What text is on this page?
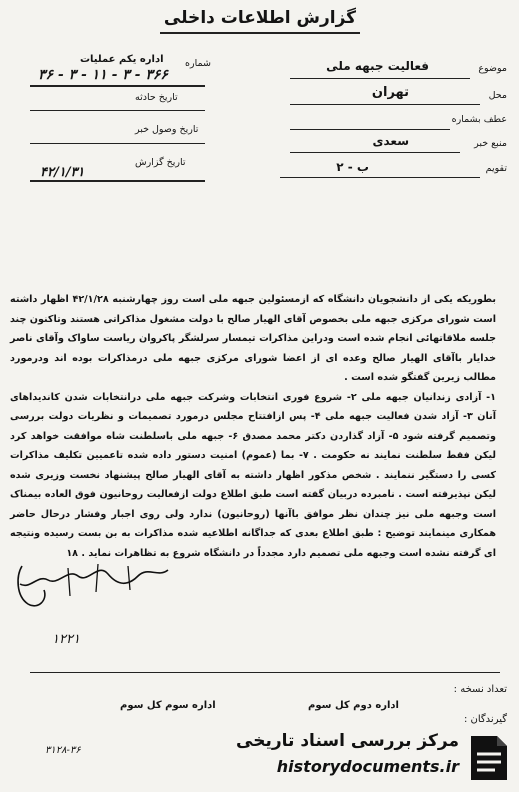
گزارش اطلاعات داخلی
شماره
اداره یکم عملیات
۳۶ - ۳ - ۱۱ - ۳ - ۳۶۶
تاریخ حادثه
تاریخ وصول خبر
تاریخ گزارش
۴۲/۱/۳۱
موضوع
فعالیت جبهه ملی
محل
تهران
عطف بشماره
منبع خبر
سعدی
تقویم
ب - ۲

بطوریکه یکی از دانشجویان دانشگاه که ازمسئولین جبهه ملی است روز چهارشنبه ۴۲/۱/۲۸ اظهار داشته است شورای مرکزی جبهه ملی بخصوص آقای الهیار صالح با دولت مشغول مذاکراتی هستند وتاکنون چند جلسه ملاقاتهائی انجام شده است ودراین مذاکرات تیمسار سرلشگر پاکروان ریاست ساواک وآقای ناصر خدایار باآقای الهیار صالح وعده ای از اعضا شورای مرکزی جبهه ملی درمذاکرات بوده اند ودرمورد مطالب زیرین گفتگو شده است .

۱- آزادی زندانیان جبهه ملی ۲- شروع فوری انتخابات وشرکت جبهه ملی درانتخابات شدن کاندیداهای آنان ۳- آزاد شدن فعالیت جبهه ملی ۴- پس ازافتتاح مجلس درمورد تصمیمات و نظریات دولت بررسی وتصمیم گرفته شود ۵- آزاد گذاردن دکتر محمد مصدق ۶- جبهه ملی باسلطنت شاه موافقت خواهد کرد لیکن فقط سلطنت نمایند نه حکومت . ۷- بما (عموم) امنیت دستور داده شده تاعمیین تکلیف مذاکرات کسی را دستگیر ننمایند . شخص مذکور اظهار داشته به آقای الهیار صالح پیشنهاد نخست وزیری شده لیکن نپذیرفته است . نامبرده دربیان گفته است طبق اطلاع دولت ازفعالیت روحانیون فوق العاده بیمناک است وجبهه ملی نیز چندان نظر موافق باآنها (روحانیون) ندارد ولی روی اجبار وفشار درحال حاضر همکاری مینمایند توضیح : طبق اطلاع بعدی که جداگانه اطلاعیه شده مذاکرات به بن بست رسیده ونتیجه ای گرفته نشده است وجبهه ملی تصمیم دارد مجدداً در دانشگاه شروع به تظاهرات نماید . ۱۸

۱۲۲۱
تعداد نسخه :
گیرندگان :
اداره دوم کل سوم
اداره سوم کل سوم
۳۱۲۸-۳۶	مرکز بررسی اسناد تاریخی
historydocuments.ir
